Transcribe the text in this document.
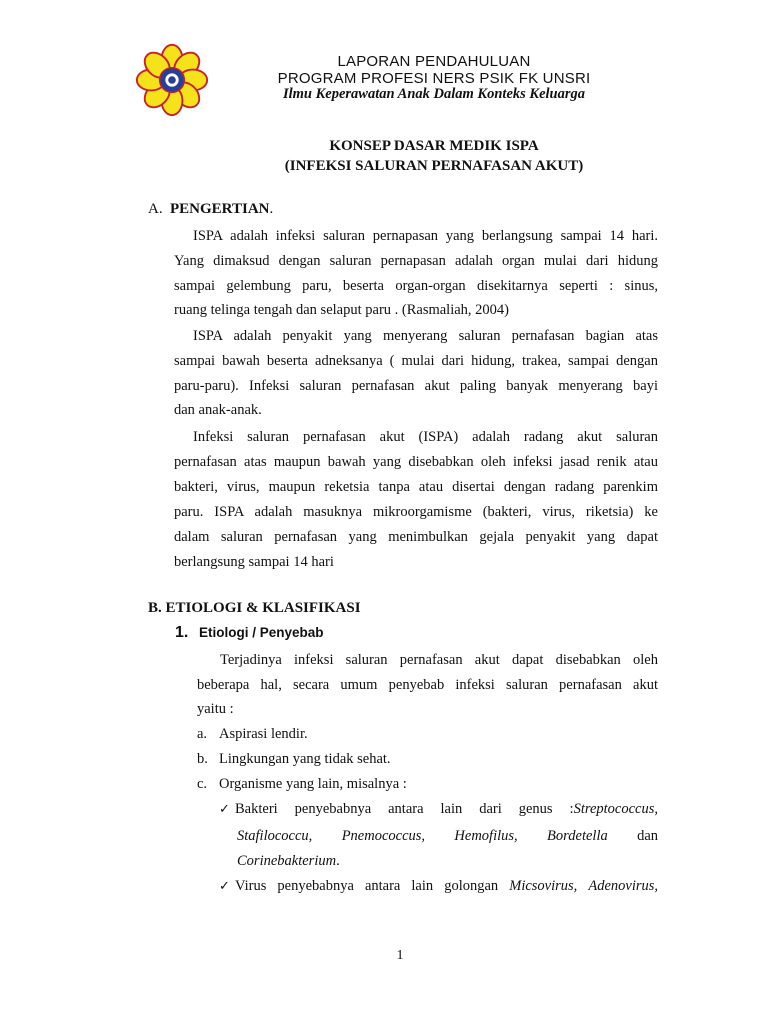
LAPORAN PENDAHULUAN
PROGRAM PROFESI NERS PSIK FK UNSRI
Ilmu Keperawatan Anak Dalam Konteks Keluarga
KONSEP DASAR MEDIK ISPA
(INFEKSI SALURAN PERNAFASAN AKUT)
A. PENGERTIAN.
ISPA adalah infeksi saluran pernapasan yang berlangsung sampai 14 hari.
Yang dimaksud dengan saluran pernapasan adalah organ mulai dari hidung
sampai gelembung paru, beserta organ-organ disekitarnya seperti : sinus,
ruang telinga tengah dan selaput paru . (Rasmaliah, 2004)
ISPA adalah penyakit yang menyerang saluran pernafasan bagian atas
sampai bawah beserta adneksanya ( mulai dari hidung, trakea, sampai dengan
paru-paru). Infeksi saluran pernafasan akut paling banyak menyerang bayi
dan anak-anak.
Infeksi saluran pernafasan akut (ISPA) adalah radang akut saluran
pernafasan atas maupun bawah yang disebabkan oleh infeksi jasad renik atau
bakteri, virus, maupun reketsia tanpa atau disertai dengan radang parenkim
paru. ISPA adalah masuknya mikroorgamisme (bakteri, virus, riketsia) ke
dalam saluran pernafasan yang menimbulkan gejala penyakit yang dapat
berlangsung sampai 14 hari
B. ETIOLOGI & KLASIFIKASI
1. Etiologi / Penyebab
Terjadinya infeksi saluran pernafasan akut dapat disebabkan oleh
beberapa hal, secara umum penyebab infeksi saluran pernafasan akut
yaitu :
a. Aspirasi lendir.
b. Lingkungan yang tidak sehat.
c. Organisme yang lain, misalnya :
✓ Bakteri penyebabnya antara lain dari genus :Streptococcus,
Stafilococcu, Pnemococcus, Hemofilus, Bordetella dan
Corinebakterium.
✓ Virus penyebabnya antara lain golongan Micsovirus, Adenovirus,
1
